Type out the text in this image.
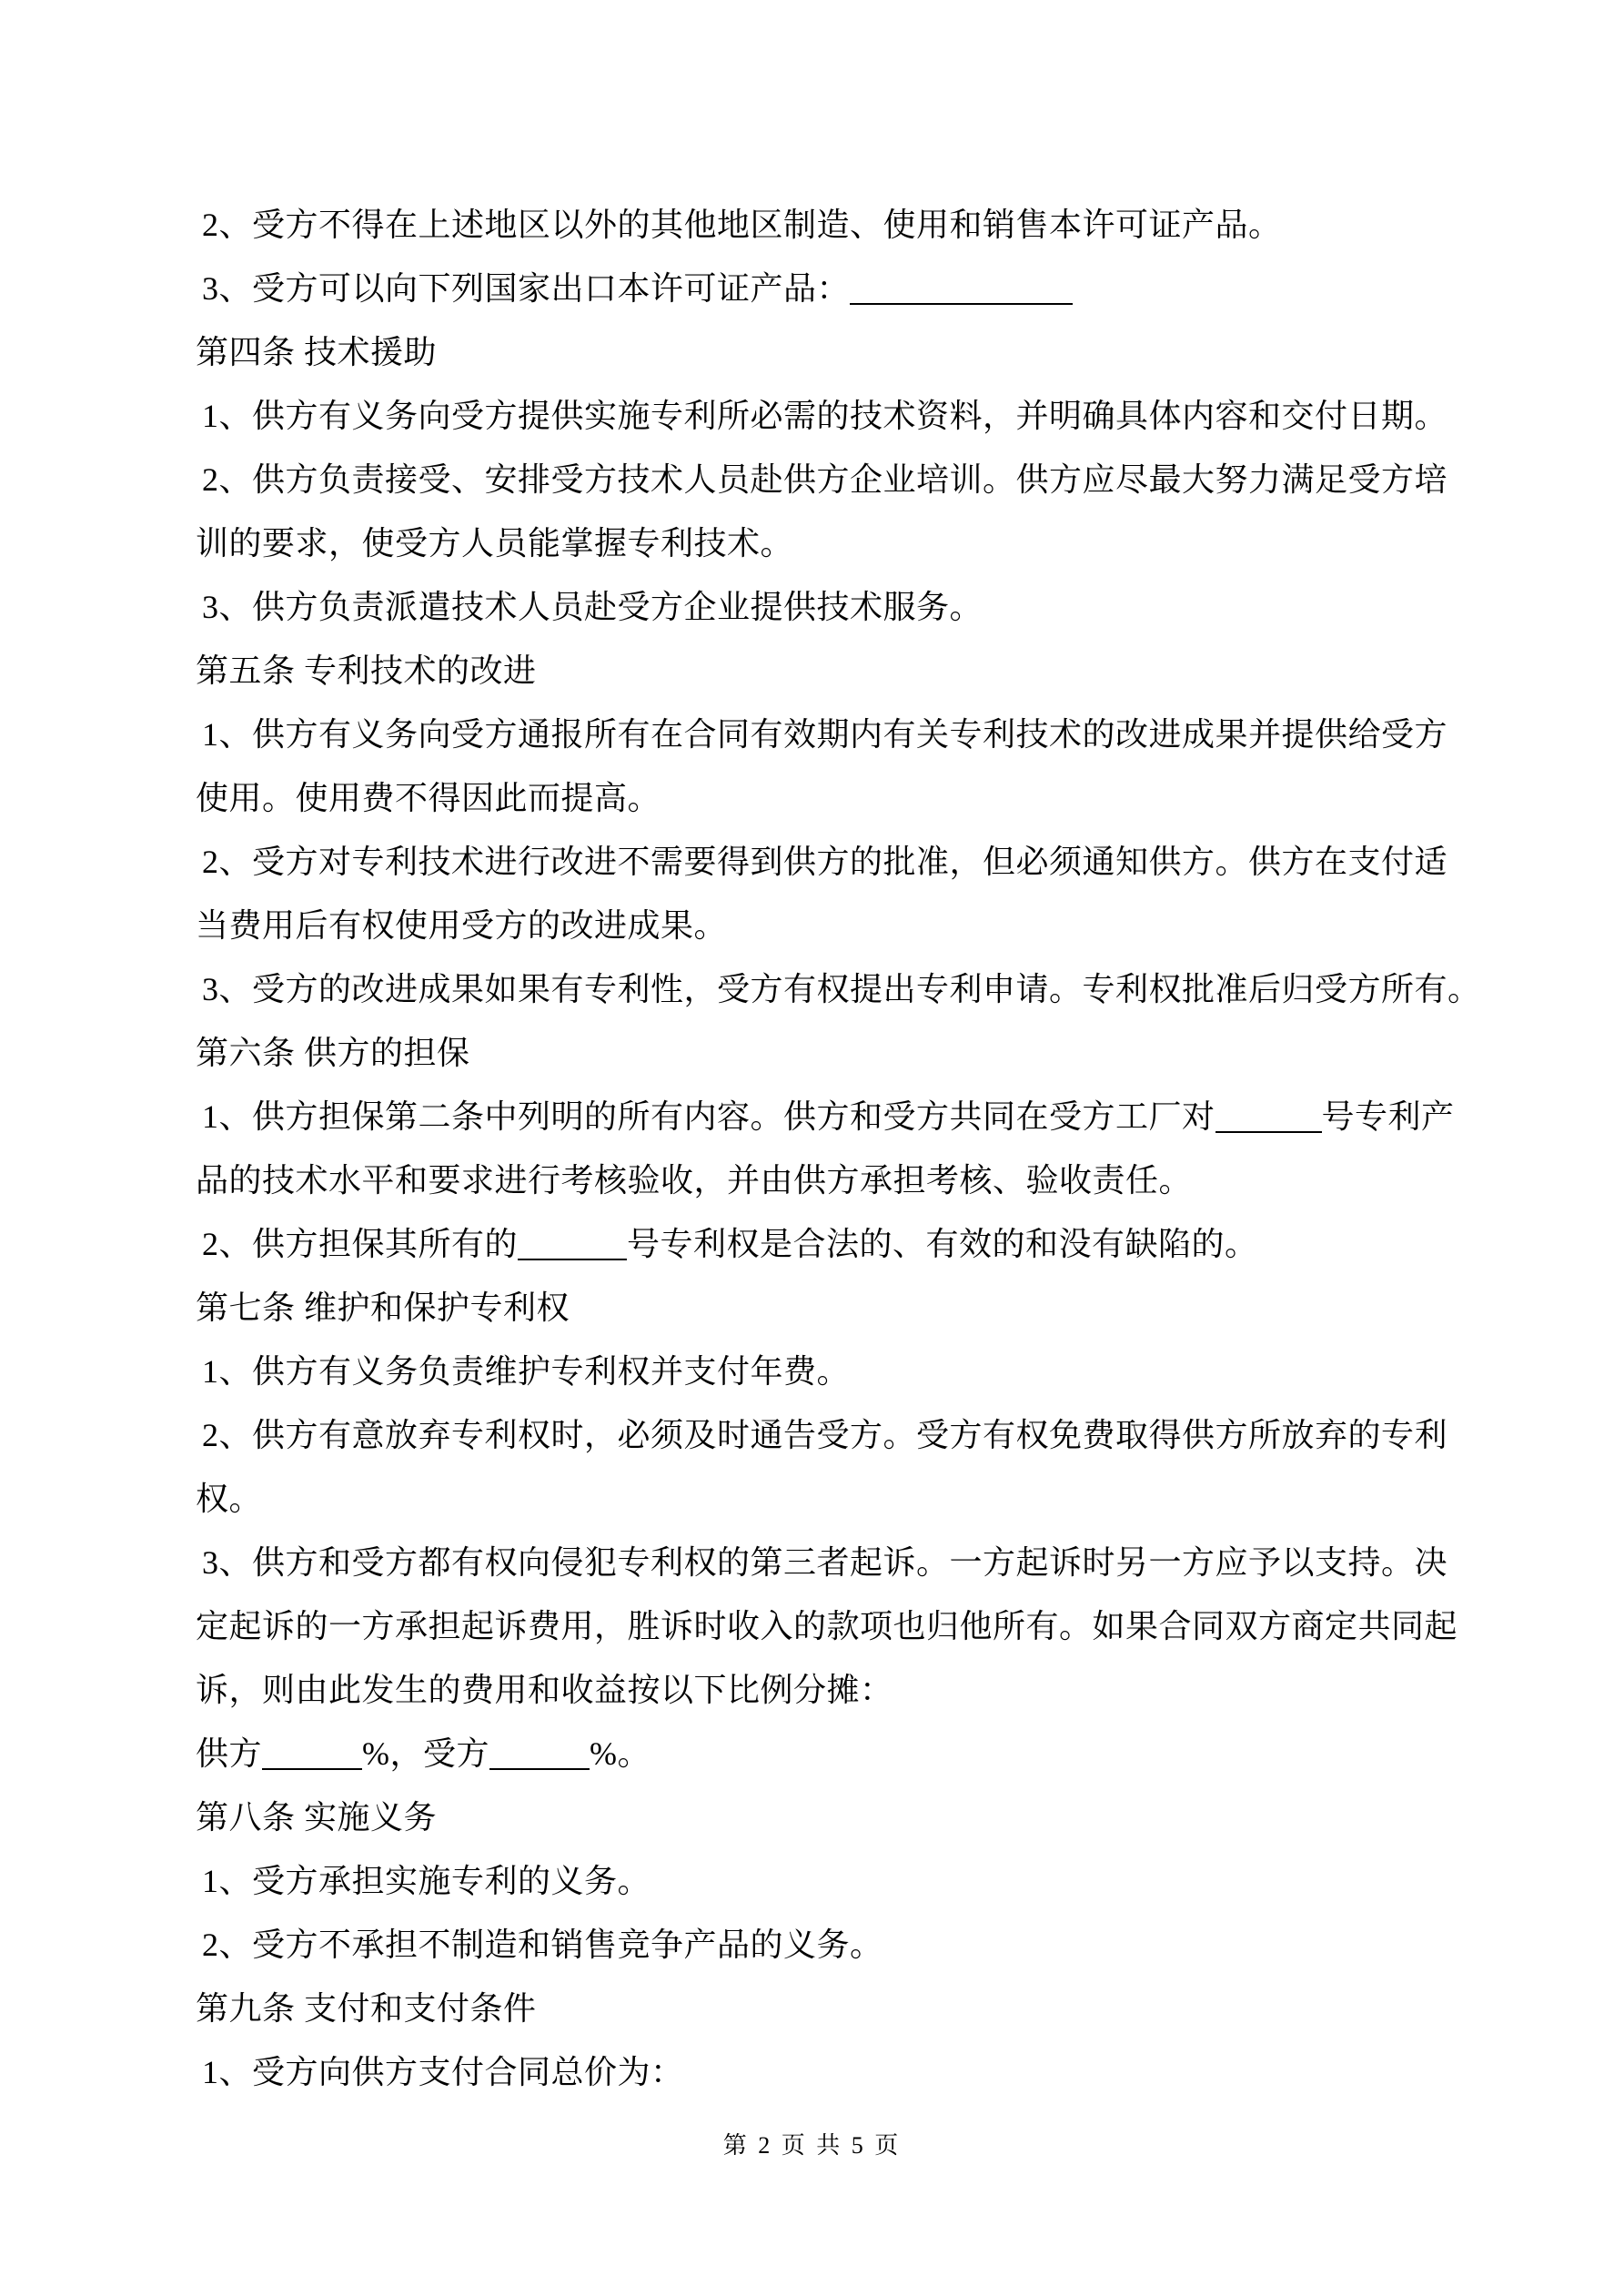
2、受方不得在上述地区以外的其他地区制造、使用和销售本许可证产品。
3、受方可以向下列国家出口本许可证产品：
第四条 技术援助
1、供方有义务向受方提供实施专利所必需的技术资料，并明确具体内容和交付日期。
2、供方负责接受、安排受方技术人员赴供方企业培训。供方应尽最大努力满足受方培
训的要求，使受方人员能掌握专利技术。
3、供方负责派遣技术人员赴受方企业提供技术服务。
第五条 专利技术的改进
1、供方有义务向受方通报所有在合同有效期内有关专利技术的改进成果并提供给受方
使用。使用费不得因此而提高。
2、受方对专利技术进行改进不需要得到供方的批准，但必须通知供方。供方在支付适
当费用后有权使用受方的改进成果。
3、受方的改进成果如果有专利性，受方有权提出专利申请。专利权批准后归受方所有。
第六条 供方的担保
1、供方担保第二条中列明的所有内容。供方和受方共同在受方工厂对	号专利产
品的技术水平和要求进行考核验收，并由供方承担考核、验收责任。
2、供方担保其所有的	号专利权是合法的、有效的和没有缺陷的。
第七条 维护和保护专利权
1、供方有义务负责维护专利权并支付年费。
2、供方有意放弃专利权时，必须及时通告受方。受方有权免费取得供方所放弃的专利
权。
3、供方和受方都有权向侵犯专利权的第三者起诉。一方起诉时另一方应予以支持。决
定起诉的一方承担起诉费用，胜诉时收入的款项也归他所有。如果合同双方商定共同起
诉，则由此发生的费用和收益按以下比例分摊：
供方	%，受方	%。
第八条 实施义务
1、受方承担实施专利的义务。
2、受方不承担不制造和销售竞争产品的义务。
第九条 支付和支付条件
1、受方向供方支付合同总价为：
第 2 页 共 5 页
